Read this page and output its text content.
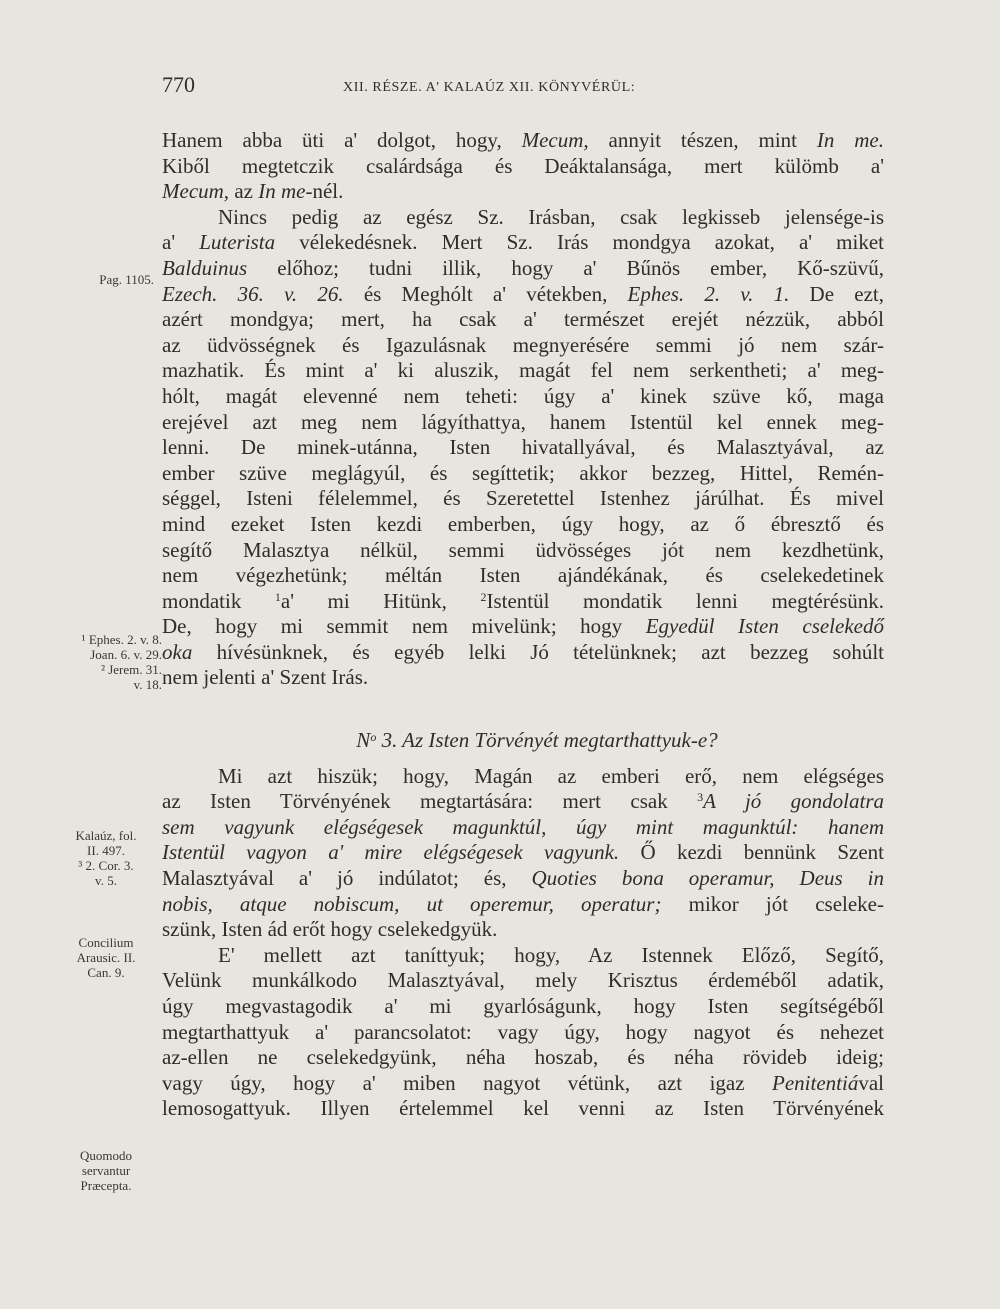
770	XII. RÉSZE. A' KALAÚZ XII. KÖNYVÉRÜL:
Hanem abba üti a' dolgot, hogy, Mecum, annyit tészen, mint In me.
Kiből megtetczik csalárdsága és Deáktalansága, mert külömb a'
Mecum, az In me-nél.
Nincs pedig az egész Sz. Irásban, csak legkisseb jelensége-is
a' Luterista vélekedésnek. Mert Sz. Irás mondgya azokat, a' miket
Balduinus előhoz; tudni illik, hogy a' Bűnös ember, Kő-szüvű,
Ezech. 36. v. 26. és Meghólt a' vétekben, Ephes. 2. v. 1. De ezt,
azért mondgya; mert, ha csak a' természet erejét nézzük, abból
az üdvösségnek és Igazulásnak megnyerésére semmi jó nem szár-
mazhatik. És mint a' ki aluszik, magát fel nem serkentheti; a' meg-
hólt, magát elevenné nem teheti: úgy a' kinek szüve kő, maga
erejével azt meg nem lágyíthattya, hanem Istentül kel ennek meg-
lenni. De minek-utánna, Isten hivatallyával, és Malasztyával, az
ember szüve meglágyúl, és segíttetik; akkor bezzeg, Hittel, Remén-
séggel, Isteni félelemmel, és Szeretettel Istenhez járúlhat. És mivel
mind ezeket Isten kezdi emberben, úgy hogy, az ő ébresztő és
segítő Malasztya nélkül, semmi üdvösséges jót nem kezdhetünk,
nem végezhetünk; méltán Isten ajándékának, és cselekedetinek
mondatik $^1$a' mi Hitünk, $^2$Istentül mondatik lenni megtérésünk.
De, hogy mi semmit nem mivelünk; hogy Egyedül Isten cselekedő
oka hívésünknek, és egyéb lelki Jó tételünknek; azt bezzeg sohúlt
nem jelenti a' Szent Irás.
$N^o$ 3. Az Isten Törvényét megtarthattyuk-e?
Mi azt hiszük; hogy, Magán az emberi erő, nem elégséges
az Isten Törvényének megtartására: mert csak $^3$A jó gondolatra
sem vagyunk elégségesek magunktúl, úgy mint magunktúl: hanem
Istentül vagyon a' mire elégségesek vagyunk. Ő kezdi bennünk Szent
Malasztyával a' jó indúlatot; és, Quoties bona operamur, Deus in
nobis, atque nobiscum, ut operemur, operatur; mikor jót cseleke-
szünk, Isten ád erőt hogy cselekedgyük.
E' mellett azt taníttyuk; hogy, Az Istennek Előző, Segítő,
Velünk munkálkodo Malasztyával, mely Krisztus érdeméből adatik,
úgy megvastagodik a' mi gyarlóságunk, hogy Isten segítségéből
megtarthattyuk a' parancsolatot: vagy úgy, hogy nagyot és nehezet
az-ellen ne cselekedgyünk, néha hoszab, és néha rövideb ideig;
vagy úgy, hogy a' miben nagyot vétünk, azt igaz Penitentiával
lemosogattyuk. Illyen értelemmel kel venni az Isten Törvényének
Pag. 1105.
¹ Ephes. 2. v. 8.
Joan. 6. v. 29.
² Jerem. 31.
v. 18.
Kalaúz, fol.
II. 497.
³ 2. Cor. 3.
v. 5.
Concilium
Arausic. II.
Can. 9.
Quomodo
servantur
Præcepta.
